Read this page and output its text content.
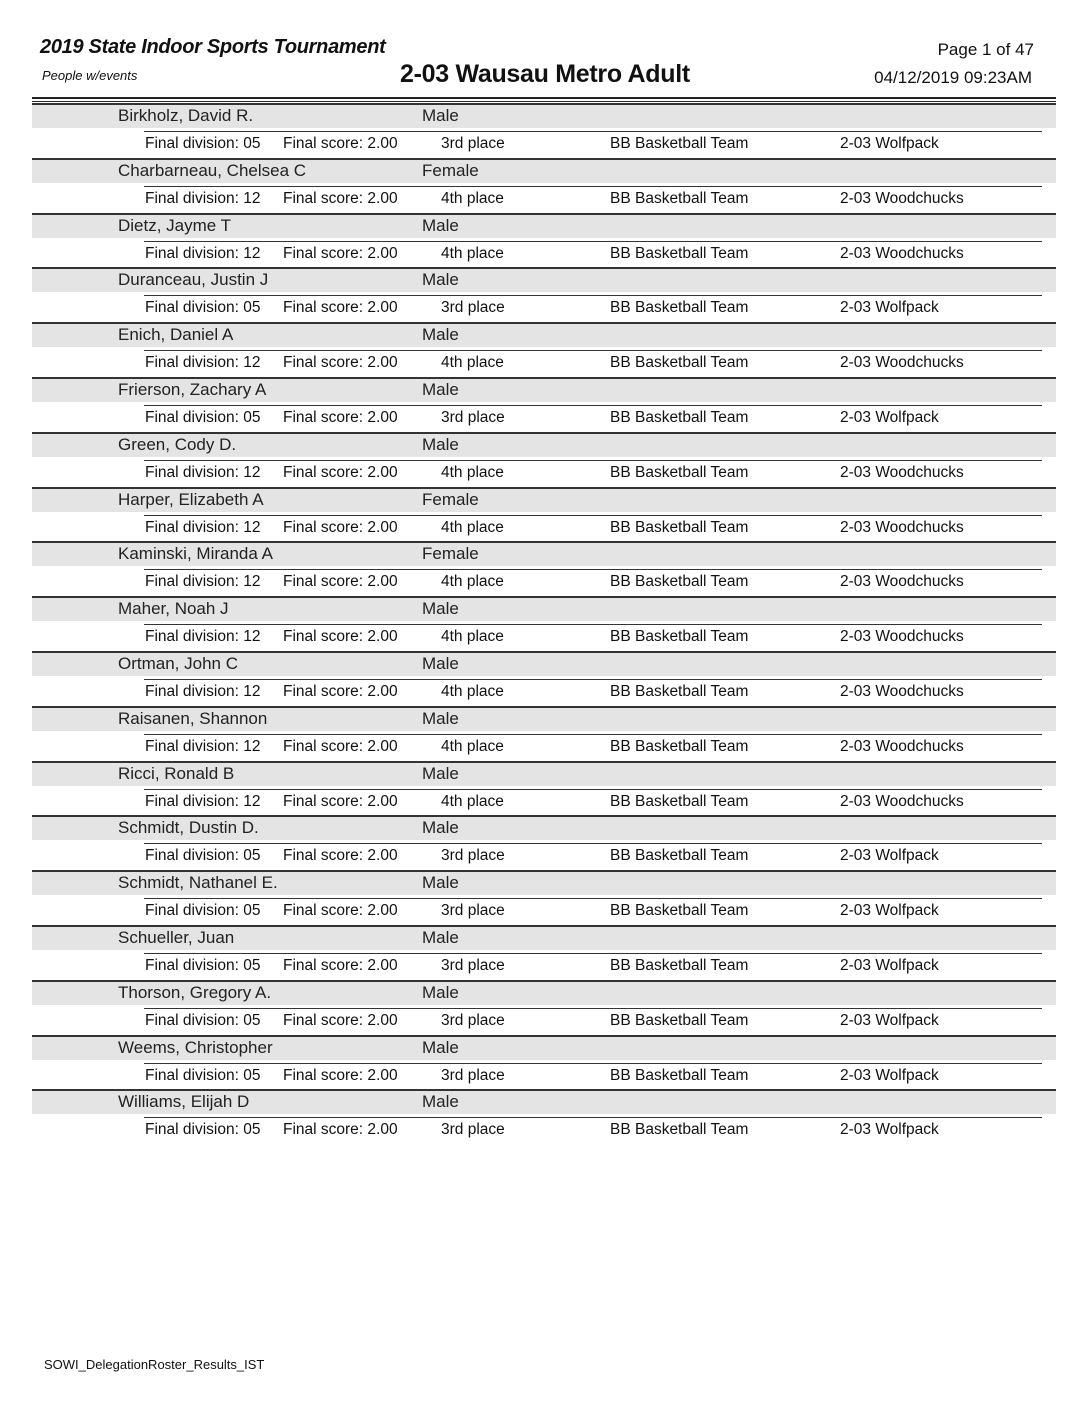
2019 State Indoor Sports Tournament
People w/events	2-03 Wausau Metro Adult
Page 1 of 47
04/12/2019 09:23AM
Birkholz, David R.	Male
Final division: 05 Final score: 2.00	3rd place	BB Basketball Team	2-03 Wolfpack
Charbarneau, Chelsea C	Female
Final division: 12 Final score: 2.00	4th place	BB Basketball Team	2-03 Woodchucks
Dietz, Jayme T	Male
Final division: 12 Final score: 2.00	4th place	BB Basketball Team	2-03 Woodchucks
Duranceau, Justin J	Male
Final division: 05 Final score: 2.00	3rd place	BB Basketball Team	2-03 Wolfpack
Enich, Daniel A	Male
Final division: 12 Final score: 2.00	4th place	BB Basketball Team	2-03 Woodchucks
Frierson, Zachary A	Male
Final division: 05 Final score: 2.00	3rd place	BB Basketball Team	2-03 Wolfpack
Green, Cody D.	Male
Final division: 12 Final score: 2.00	4th place	BB Basketball Team	2-03 Woodchucks
Harper, Elizabeth A	Female
Final division: 12 Final score: 2.00	4th place	BB Basketball Team	2-03 Woodchucks
Kaminski, Miranda A	Female
Final division: 12 Final score: 2.00	4th place	BB Basketball Team	2-03 Woodchucks
Maher, Noah J	Male
Final division: 12 Final score: 2.00	4th place	BB Basketball Team	2-03 Woodchucks
Ortman, John C	Male
Final division: 12 Final score: 2.00	4th place	BB Basketball Team	2-03 Woodchucks
Raisanen, Shannon	Male
Final division: 12 Final score: 2.00	4th place	BB Basketball Team	2-03 Woodchucks
Ricci, Ronald B	Male
Final division: 12 Final score: 2.00	4th place	BB Basketball Team	2-03 Woodchucks
Schmidt, Dustin D.	Male
Final division: 05 Final score: 2.00	3rd place	BB Basketball Team	2-03 Wolfpack
Schmidt, Nathanel E.	Male
Final division: 05 Final score: 2.00	3rd place	BB Basketball Team	2-03 Wolfpack
Schueller, Juan	Male
Final division: 05 Final score: 2.00	3rd place	BB Basketball Team	2-03 Wolfpack
Thorson, Gregory A.	Male
Final division: 05 Final score: 2.00	3rd place	BB Basketball Team	2-03 Wolfpack
Weems, Christopher	Male
Final division: 05 Final score: 2.00	3rd place	BB Basketball Team	2-03 Wolfpack
Williams, Elijah D	Male
Final division: 05 Final score: 2.00	3rd place	BB Basketball Team	2-03 Wolfpack
SOWI_DelegationRoster_Results_IST
